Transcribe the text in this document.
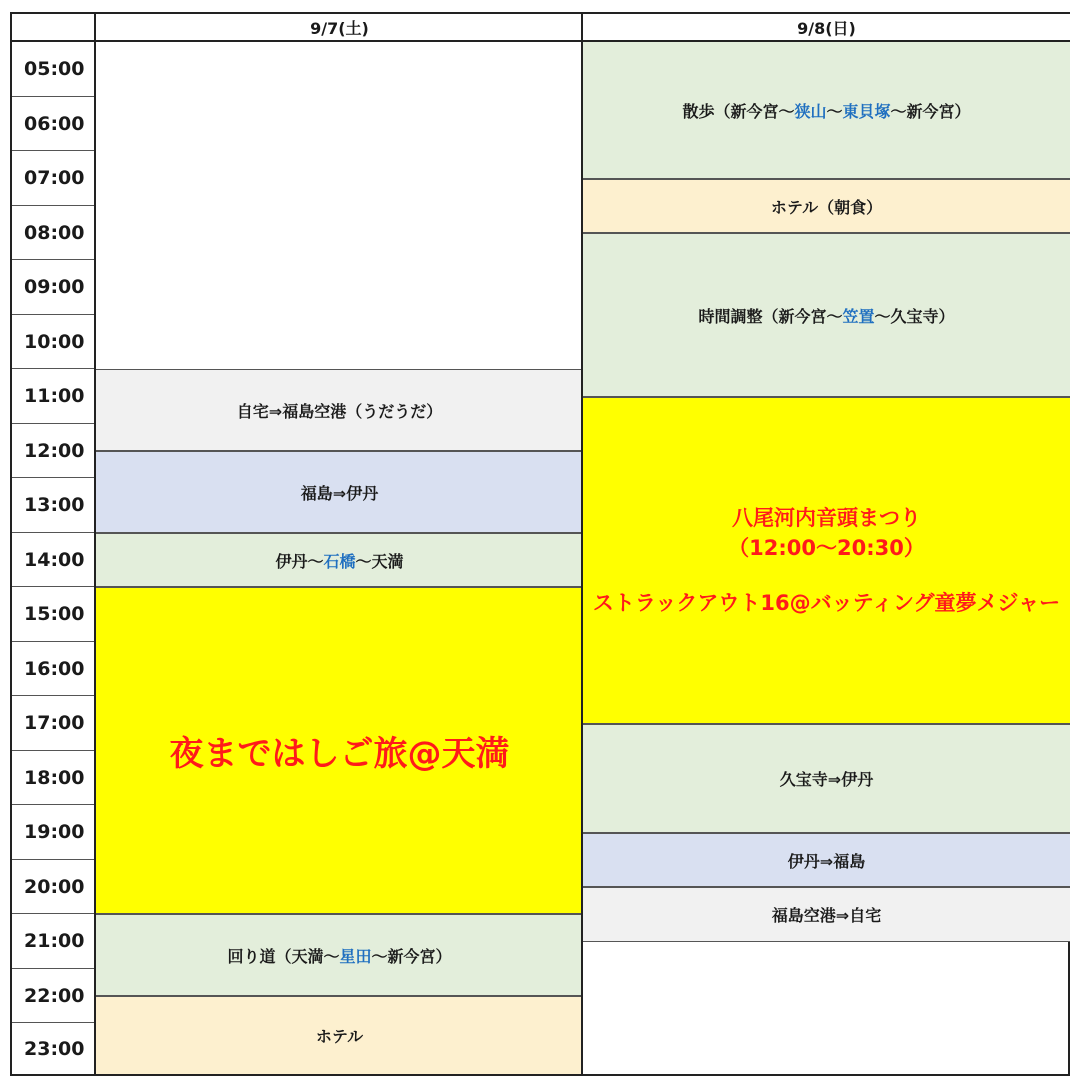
9/7(土)	9/8(日)
05:00
06:00
07:00
08:00
09:00
10:00
11:00
12:00
13:00
14:00
15:00
16:00
17:00
18:00
19:00
20:00
21:00
22:00
23:00
自宅⇒福島空港（うだうだ）
福島⇒伊丹
伊丹～ 石橋 ～天満
夜まではしご旅@天満
回り道（天満～ 星田 ～新今宮）
ホテル
散歩（新今宮～ 狭山 ～ 東貝塚 ～新今宮）
ホテル（朝食）
時間調整（新今宮～ 笠置 ～久宝寺）
八尾河内音頭まつり
（12:00～20:30）
ストラックアウト16@バッティング童夢メジャー
久宝寺⇒伊丹
伊丹⇒福島
福島空港⇒自宅
